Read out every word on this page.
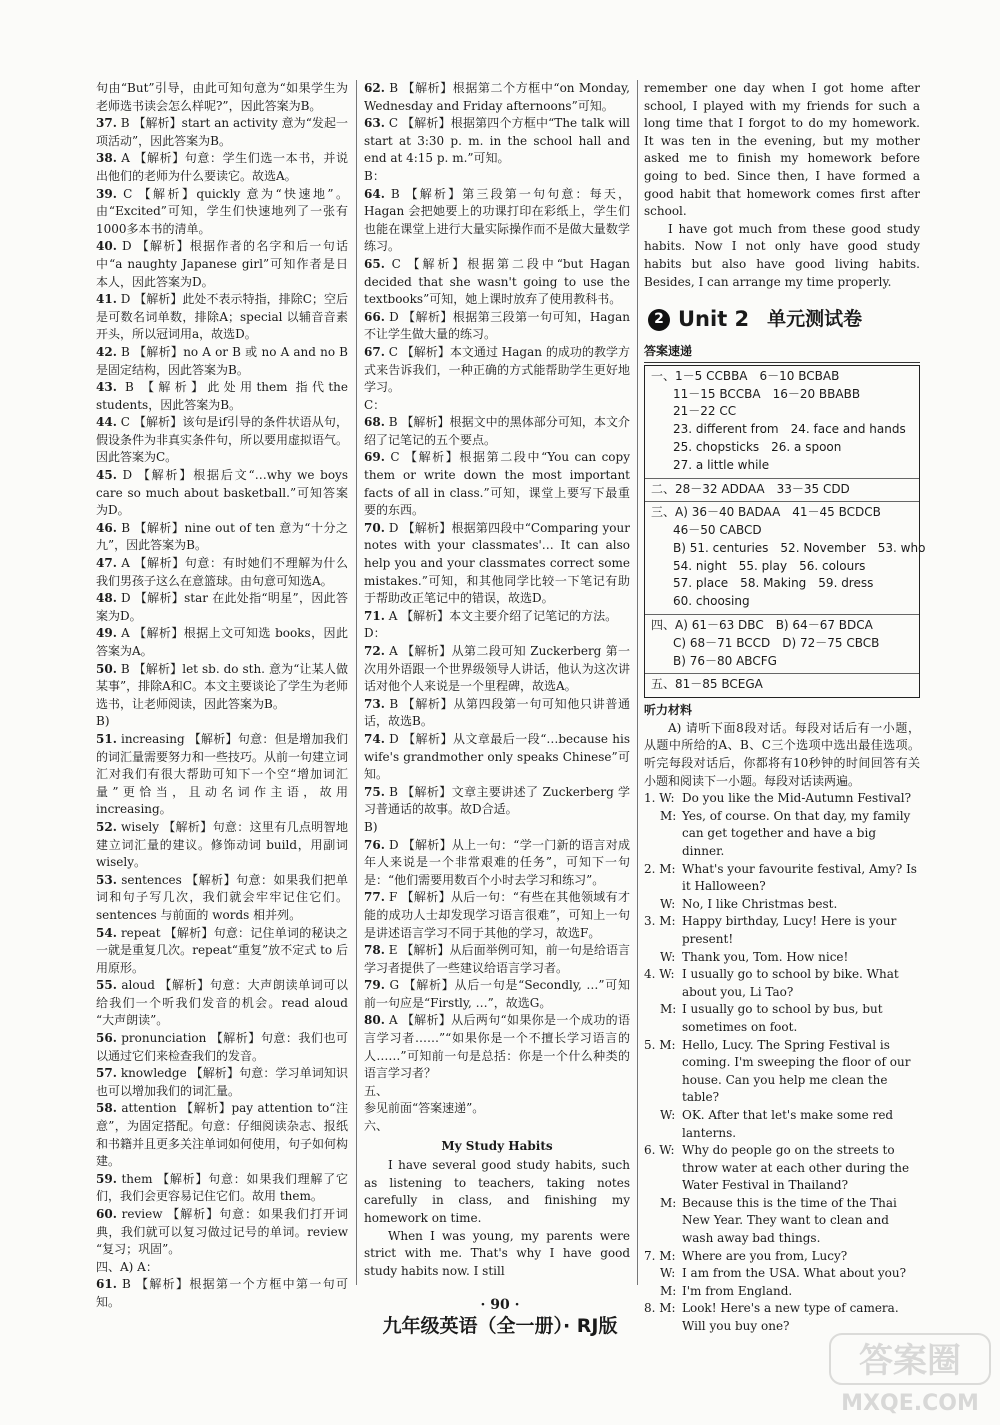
句由“But”引导，由此可知句意为“如果学生为老师选书读会怎么样呢?”，因此答案为B。

37. B 【解析】start an activity 意为“发起一项活动”，因此答案为B。

38. A 【解析】句意：学生们选一本书，并说出他们的老师为什么要读它。故选A。

39. C 【解析】quickly 意为“快速地”。由“Excited”可知，学生们快速地列了一张有1000多本书的清单。

40. D 【解析】根据作者的名字和后一句话中“a naughty Japanese girl”可知作者是日本人，因此答案为D。

41. D 【解析】此处不表示特指，排除C；空后是可数名词单数，排除A；special 以辅音音素开头，所以冠词用a，故选D。

42. B 【解析】no A or B 或 no A and no B 是固定结构，因此答案为B。

43. B 【解析】此处用them 指代the students，因此答案为B。

44. C 【解析】该句是if引导的条件状语从句，假设条件为非真实条件句，所以要用虚拟语气。因此答案为C。

45. D 【解析】根据后文“…why we boys care so much about basketball.”可知答案为D。

46. B 【解析】nine out of ten 意为“十分之九”，因此答案为B。

47. A 【解析】句意：有时她们不理解为什么我们男孩子这么在意篮球。由句意可知选A。

48. D 【解析】star 在此处指“明星”，因此答案为D。

49. A 【解析】根据上文可知选 books，因此答案为A。

50. B 【解析】let sb. do sth. 意为“让某人做某事”，排除A和C。本文主要谈论了学生为老师选书，让老师阅读，因此答案为B。

B)

51. increasing 【解析】句意：但是增加我们的词汇量需要努力和一些技巧。从前一句建立词汇对我们有很大帮助可知下一个空“增加词汇量”更恰当，且动名词作主语，故用increasing。

52. wisely 【解析】句意：这里有几点明智地建立词汇量的建议。修饰动词 build，用副词 wisely。

53. sentences 【解析】句意：如果我们把单词和句子写几次，我们就会牢牢记住它们。sentences 与前面的 words 相并列。

54. repeat 【解析】句意：记住单词的秘诀之一就是重复几次。repeat“重复”放不定式 to 后用原形。

55. aloud 【解析】句意：大声朗读单词可以给我们一个听我们发音的机会。read aloud “大声朗读”。

56. pronunciation 【解析】句意：我们也可以通过它们来检查我们的发音。

57. knowledge 【解析】句意：学习单词知识也可以增加我们的词汇量。

58. attention 【解析】pay attention to“注意”，为固定搭配。句意：仔细阅读杂志、报纸和书籍并且更多关注单词如何使用，句子如何构建。

59. them 【解析】句意：如果我们理解了它们，我们会更容易记住它们。故用 them。

60. review 【解析】句意：如果我们打开词典，我们就可以复习做过记号的单词。review “复习；巩固”。

四、A) A：

61. B 【解析】根据第一个方框中第一句可知。

62. B 【解析】根据第二个方框中“on Monday, Wednesday and Friday afternoons”可知。

63. C 【解析】根据第四个方框中“The talk will start at 3:30 p. m. in the school hall and end at 4:15 p. m.”可知。

B：

64. B 【解析】第三段第一句句意：每天，Hagan 会把她要上的功课打印在彩纸上，学生们也能在课堂上进行大量实际操作而不是做大量数学练习。

65. C 【解析】根据第二段中“but Hagan decided that she wasn't going to use the textbooks”可知，她上课时放弃了使用教科书。

66. D 【解析】根据第三段第一句可知，Hagan不让学生做大量的练习。

67. C 【解析】本文通过 Hagan 的成功的教学方式来告诉我们，一种正确的方式能帮助学生更好地学习。

C：

68. B 【解析】根据文中的黑体部分可知，本文介绍了记笔记的五个要点。

69. C 【解析】根据第二段中“You can copy them or write down the most important facts of all in class.”可知，课堂上要写下最重要的东西。

70. D 【解析】根据第四段中“Comparing your notes with your classmates'… It can also help you and your classmates correct some mistakes.”可知，和其他同学比较一下笔记有助于帮助改正笔记中的错误，故选D。

71. A 【解析】本文主要介绍了记笔记的方法。

D：

72. A 【解析】从第二段可知 Zuckerberg 第一次用外语跟一个世界级领导人讲话，他认为这次讲话对他个人来说是一个里程碑，故选A。

73. B 【解析】从第四段第一句可知他只讲普通话，故选B。

74. D 【解析】从文章最后一段“…because his wife's grandmother only speaks Chinese”可知。

75. B 【解析】文章主要讲述了 Zuckerberg 学习普通话的故事。故D合适。

B)

76. D 【解析】从上一句：“学一门新的语言对成年人来说是一个非常艰难的任务”，可知下一句是：“他们需要用数百个小时去学习和练习”。

77. F 【解析】从后一句：“有些在其他领域有才能的成功人士却发现学习语言很难”，可知上一句是讲述语言学习不同于其他的学习，故选F。

78. E 【解析】从后面举例可知，前一句是给语言学习者提供了一些建议给语言学习者。

79. G 【解析】从后一句是“Secondly, …”可知前一句应是“Firstly, …”，故选G。

80. A 【解析】从后两句“如果你是一个成功的语言学习者……”“如果你是一个不擅长学习语言的人……”可知前一句是总括：你是一个什么种类的语言学习者？

五、

参见前面“答案速递”。

六、

My Study Habits

I have several good study habits, such as listening to teachers, taking notes carefully in class, and finishing my homework on time.

When I was young, my parents were strict with me. That's why I have good study habits now. I still

remember one day when I got home after school, I played with my friends for such a long time that I forgot to do my homework. It was ten in the evening, but my mother asked me to finish my homework before going to bed. Since then, I have formed a good habit that homework comes first after school.

I have got much from these good study habits. Now I not only have good study habits but also have good living habits. Besides, I can arrange my time properly.

2 Unit 2 单元测试卷
答案速递
一、1－5 CCBBA　6－10 BCBAB
11－15 BCCBA　16－20 BBABB
21－22 CC
23. different from　24. face and hands
25. chopsticks　26. a spoon
27. a little while
二、28－32 ADDAA　33－35 CDD
三、A) 36－40 BADAA　41－45 BCDCB
46－50 CABCD
B) 51. centuries　52. November　53. who
54. night　55. play　56. colours
57. place　58. Making　59. dress
60. choosing
四、A) 61－63 DBC　B) 64－67 BDCA
C) 68－71 BCCD　D) 72－75 CBCB
B) 76－80 ABCFG
五、81－85 BCEGA
听力材料

A) 请听下面8段对话。每段对话后有一小题，从题中所给的A、B、C三个选项中选出最佳选项。听完每段对话后，你都将有10秒钟的时间回答有关小题和阅读下一小题。每段对话读两遍。

1. W: Do you like the Mid-Autumn Festival?

M: Yes, of course. On that day, my family can get together and have a big dinner.

2. M: What's your favourite festival, Amy? Is it Halloween?

W: No, I like Christmas best.

3. M: Happy birthday, Lucy! Here is your present!

W: Thank you, Tom. How nice!

4. W: I usually go to school by bike. What about you, Li Tao?

M: I usually go to school by bus, but sometimes on foot.

5. M: Hello, Lucy. The Spring Festival is coming. I'm sweeping the floor of our house. Can you help me clean the table?

W: OK. After that let's make some red lanterns.

6. W: Why do people go on the streets to throw water at each other during the Water Festival in Thailand?

M: Because this is the time of the Thai New Year. They want to clean and wash away bad things.

7. M: Where are you from, Lucy?

W: I am from the USA. What about you?

M: I'm from England.

8. M: Look! Here's a new type of camera. Will you buy one?

· 90 ·
九年级英语（全一册）· RJ版
答案圈
MXQE.COM
